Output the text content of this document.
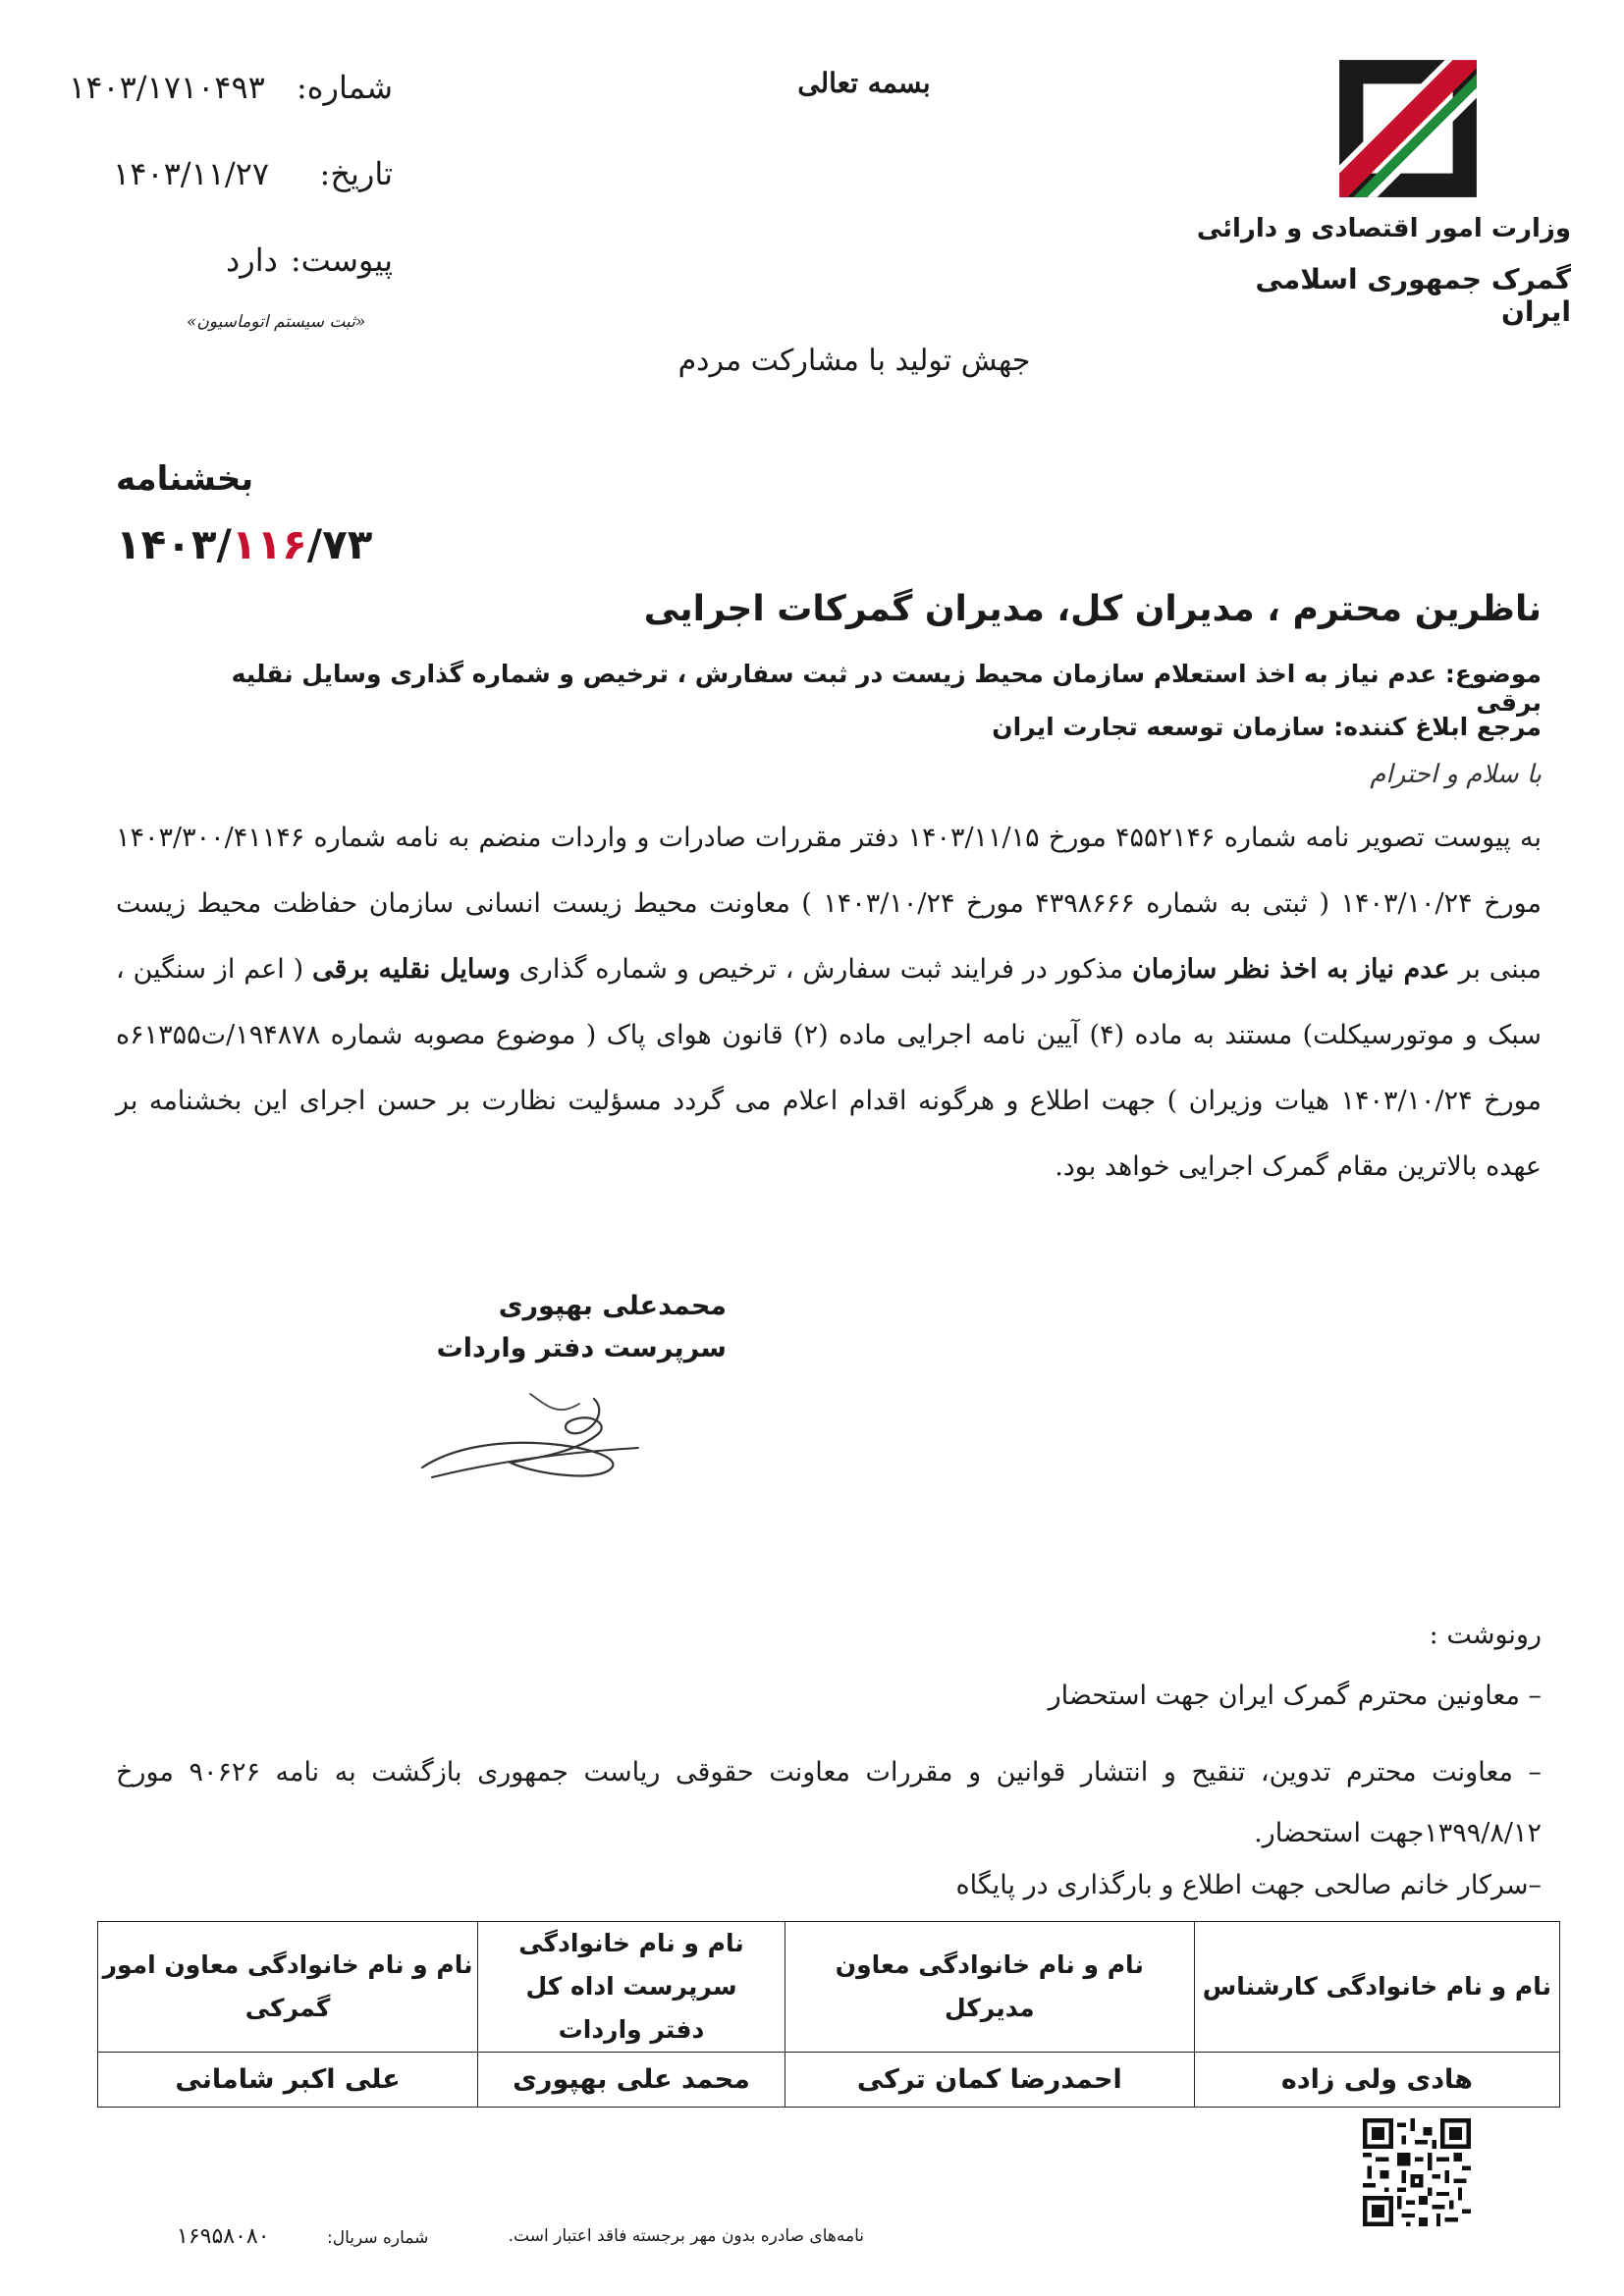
شماره:
۱۴۰۳/۱۷۱۰۴۹۳
تاریخ:
۱۴۰۳/۱۱/۲۷
پیوست:
دارد
«ثبت سیستم اتوماسیون»
بسمه تعالی
جهش تولید با مشارکت مردم
وزارت امور اقتصادی و دارائی
گمرک جمهوری اسلامی ایران
بخشنامه
۱۴۰۳/۱۱۶/۷۳
ناظرین محترم ، مدیران کل، مدیران گمرکات اجرایی
موضوع: عدم نیاز به اخذ استعلام سازمان محیط زیست در ثبت سفارش ، ترخیص و شماره گذاری وسایل نقلیه برقی
مرجع ابلاغ کننده: سازمان توسعه تجارت ایران
با سلام و احترام
به پیوست تصویر نامه شماره ۴۵۵۲۱۴۶ مورخ ۱۴۰۳/۱۱/۱۵ دفتر مقررات صادرات و واردات منضم به نامه شماره ۱۴۰۳/۳۰۰/۴۱۱۴۶ مورخ ۱۴۰۳/۱۰/۲۴ ( ثبتی به شماره ۴۳۹۸۶۶۶ مورخ ۱۴۰۳/۱۰/۲۴ ) معاونت محیط زیست انسانی سازمان حفاظت محیط زیست مبنی بر عدم نیاز به اخذ نظر سازمان مذکور در فرایند ثبت سفارش ، ترخیص و شماره گذاری وسایل نقلیه برقی ( اعم از سنگین ، سبک و موتورسیکلت) مستند به ماده (۴) آیین نامه اجرایی ماده (۲) قانون هوای پاک ( موضوع مصوبه شماره ۱۹۴۸۷۸/ت۶۱۳۵۵ه مورخ ۱۴۰۳/۱۰/۲۴ هیات وزیران ) جهت اطلاع و هرگونه اقدام اعلام می گردد مسؤلیت نظارت بر حسن اجرای این بخشنامه بر عهده بالاترین مقام گمرک اجرایی خواهد بود.
محمدعلی بهپوری
سرپرست دفتر واردات
رونوشت :
– معاونین محترم گمرک ایران جهت استحضار
– معاونت محترم تدوین، تنقیح و انتشار قوانین و مقررات معاونت حقوقی ریاست جمهوری بازگشت به نامه ۹۰۶۲۶ مورخ ۱۳۹۹/۸/۱۲جهت استحضار.
–سرکار خانم صالحی جهت اطلاع و بارگذاری در پایگاه
نام و نام خانوادگی کارشناس	نام و نام خانوادگی معاون مدیرکل	نام و نام خانوادگی سرپرست اداه کل دفتر واردات	نام و نام خانوادگی معاون امور گمرکی
هادی ولی زاده	احمدرضا کمان ترکی	محمد علی بهپوری	علی اکبر شامانی
شماره سریال:
۱۶۹۵۸۰۸۰	نامه‌های صادره بدون مهر برجسته فاقد اعتبار است.
